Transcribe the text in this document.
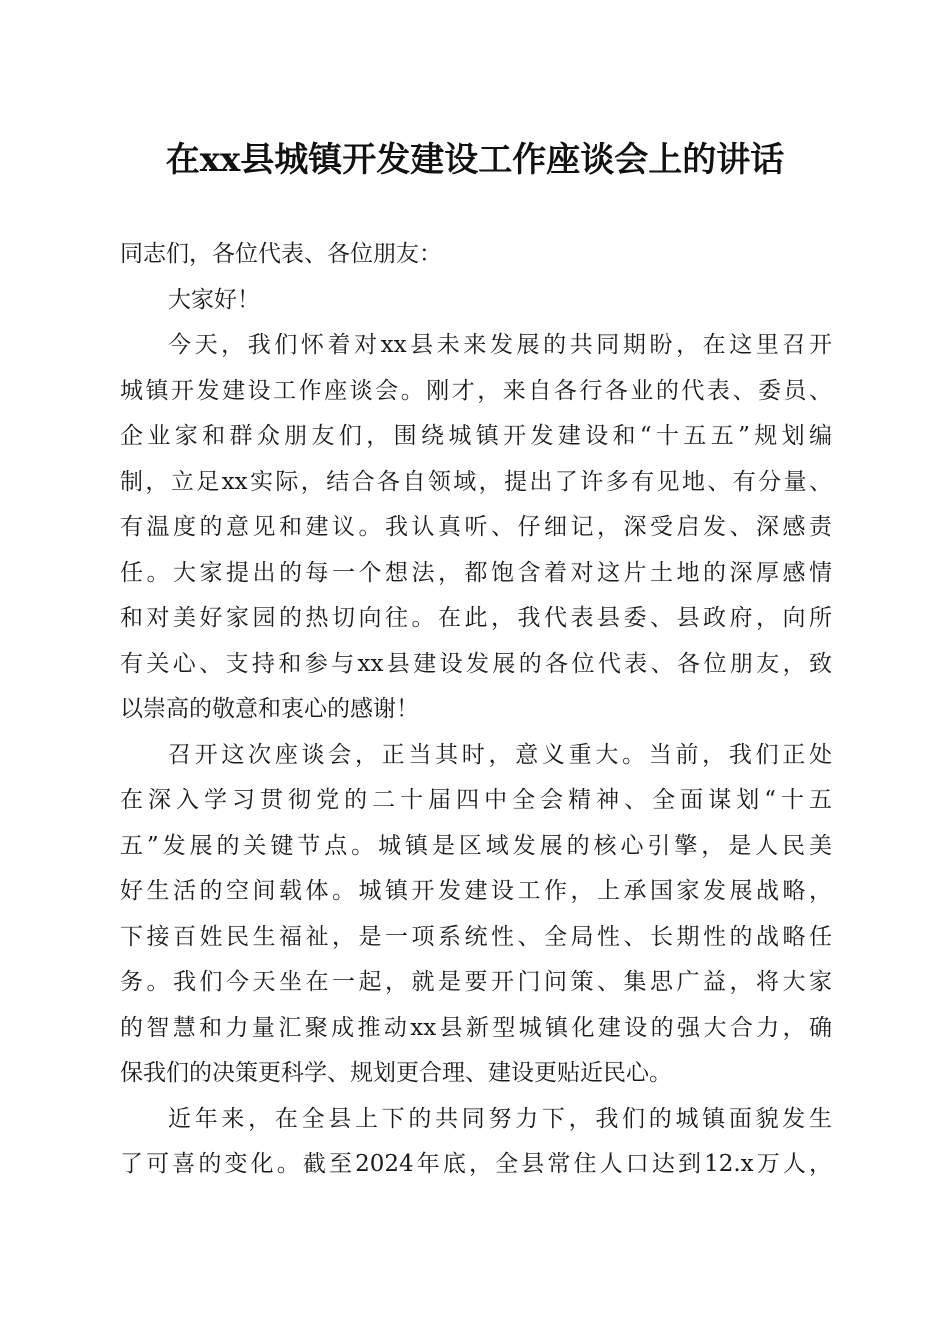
在xx县城镇开发建设工作座谈会上的讲话
同志们，各位代表、各位朋友：
大家好！
今天，我们怀着对xx县未来发展的共同期盼，在这里召开
城镇开发建设工作座谈会。刚才，来自各行各业的代表、委员、
企业家和群众朋友们，围绕城镇开发建设和“十五五”规划编
制，立足xx实际，结合各自领域，提出了许多有见地、有分量、
有温度的意见和建议。我认真听、仔细记，深受启发、深感责
任。大家提出的每一个想法，都饱含着对这片土地的深厚感情
和对美好家园的热切向往。在此，我代表县委、县政府，向所
有关心、支持和参与xx县建设发展的各位代表、各位朋友，致
以崇高的敬意和衷心的感谢！
召开这次座谈会，正当其时，意义重大。当前，我们正处
在深入学习贯彻党的二十届四中全会精神、全面谋划“十五
五”发展的关键节点。城镇是区域发展的核心引擎，是人民美
好生活的空间载体。城镇开发建设工作，上承国家发展战略，
下接百姓民生福祉，是一项系统性、全局性、长期性的战略任
务。我们今天坐在一起，就是要开门问策、集思广益，将大家
的智慧和力量汇聚成推动xx县新型城镇化建设的强大合力，确
保我们的决策更科学、规划更合理、建设更贴近民心。
近年来，在全县上下的共同努力下，我们的城镇面貌发生
了可喜的变化。截至2024年底，全县常住人口达到12.x万人，
